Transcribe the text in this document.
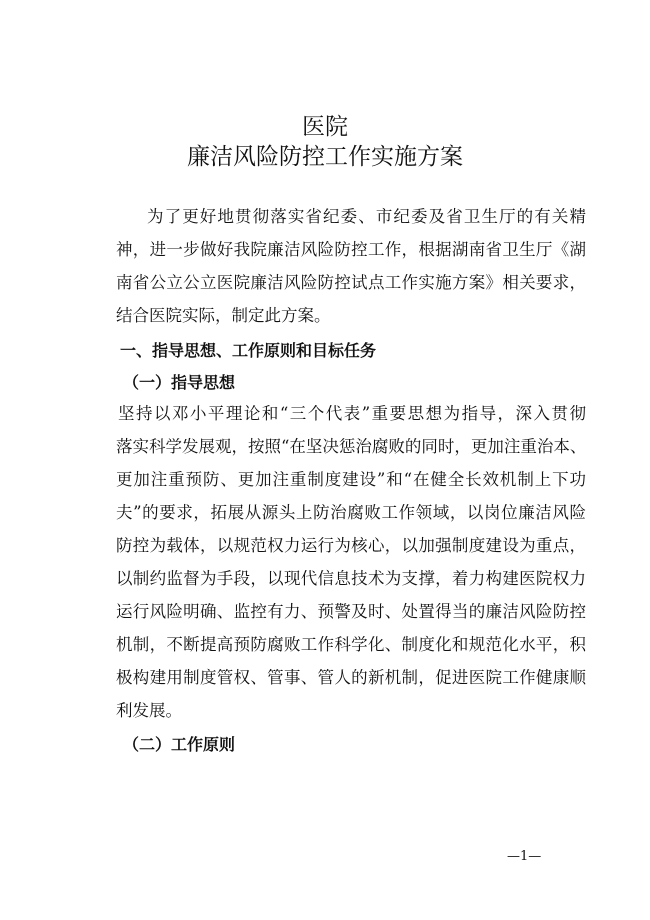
医院
廉洁风险防控工作实施方案
为了更好地贯彻落实省纪委、市纪委及省卫生厅的有关精
神，进一步做好我院廉洁风险防控工作，根据湖南省卫生厅《湖
南省公立公立医院廉洁风险防控试点工作实施方案》相关要求，
结合医院实际，制定此方案。
一、指导思想、工作原则和目标任务
（一）指导思想
坚持以邓小平理论和“三个代表”重要思想为指导，深入贯彻
落实科学发展观，按照“在坚决惩治腐败的同时，更加注重治本、
更加注重预防、更加注重制度建设”和“在健全长效机制上下功
夫”的要求，拓展从源头上防治腐败工作领域，以岗位廉洁风险
防控为载体，以规范权力运行为核心，以加强制度建设为重点，
以制约监督为手段，以现代信息技术为支撑，着力构建医院权力
运行风险明确、监控有力、预警及时、处置得当的廉洁风险防控
机制，不断提高预防腐败工作科学化、制度化和规范化水平，积
极构建用制度管权、管事、管人的新机制，促进医院工作健康顺
利发展。
（二）工作原则
—1—
